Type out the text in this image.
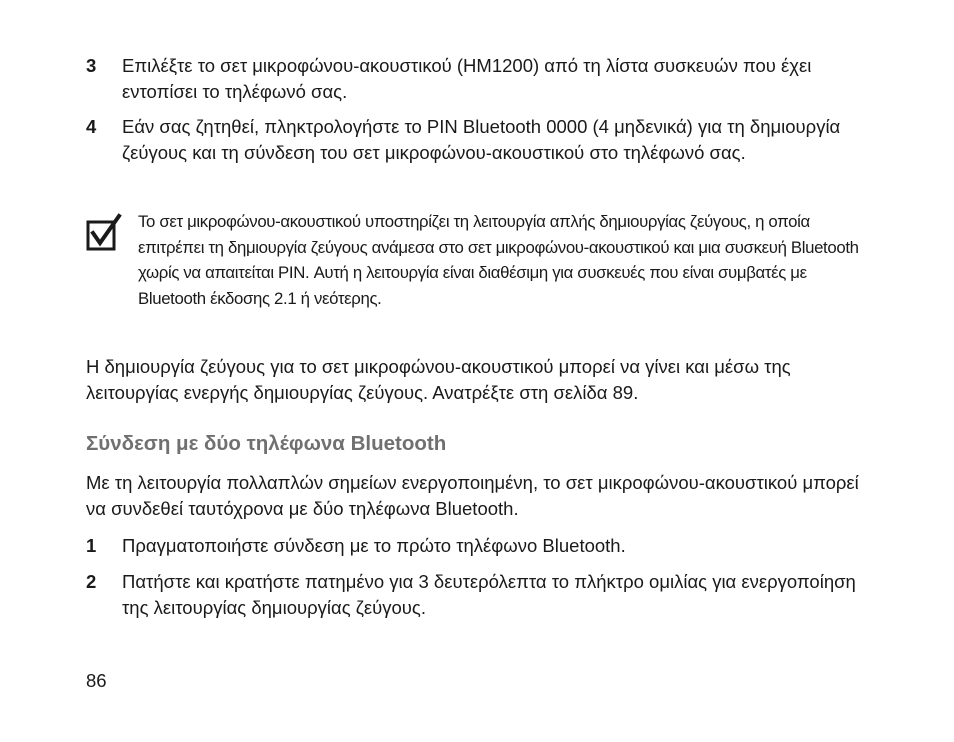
3	Επιλέξτε το σετ μικροφώνου-ακουστικού (HM1200) από τη λίστα συσκευών που έχει εντοπίσει το τηλέφωνό σας.
4	Εάν σας ζητηθεί, πληκτρολογήστε το PIN Bluetooth 0000 (4 μηδενικά) για τη δημιουργία ζεύγους και τη σύνδεση του σετ μικροφώνου-ακουστικού στο τηλέφωνό σας.
Το σετ μικροφώνου-ακουστικού υποστηρίζει τη λειτουργία απλής δημιουργίας ζεύγους, η οποία επιτρέπει τη δημιουργία ζεύγους ανάμεσα στο σετ μικροφώνου-ακουστικού και μια συσκευή Bluetooth χωρίς να απαιτείται PIN. Αυτή η λειτουργία είναι διαθέσιμη για συσκευές που είναι συμβατές με Bluetooth έκδοσης 2.1 ή νεότερης.
Η δημιουργία ζεύγους για το σετ μικροφώνου-ακουστικού μπορεί να γίνει και μέσω της λειτουργίας ενεργής δημιουργίας ζεύγους. Ανατρέξτε στη σελίδα 89.
Σύνδεση με δύο τηλέφωνα Bluetooth
Με τη λειτουργία πολλαπλών σημείων ενεργοποιημένη, το σετ μικροφώνου-ακουστικού μπορεί να συνδεθεί ταυτόχρονα με δύο τηλέφωνα Bluetooth.
1	Πραγματοποιήστε σύνδεση με το πρώτο τηλέφωνο Bluetooth.
2	Πατήστε και κρατήστε πατημένο για 3 δευτερόλεπτα το πλήκτρο ομιλίας για ενεργοποίηση της λειτουργίας δημιουργίας ζεύγους.
86
